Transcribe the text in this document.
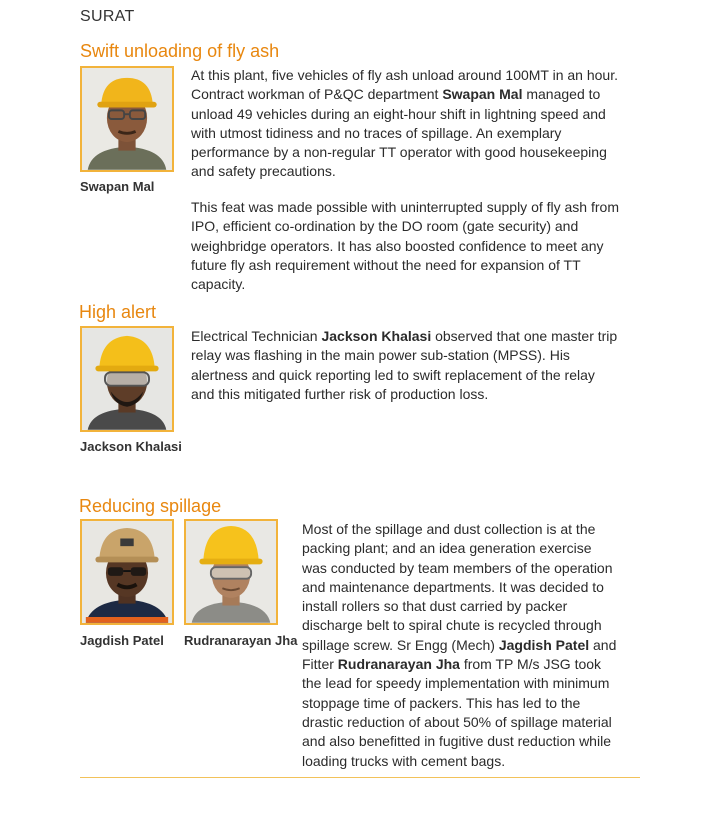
SURAT
Swift unloading of fly ash
Swapan Mal
At this plant, five vehicles of fly ash unload around 100MT in an hour. Contract workman of P&QC department Swapan Mal managed to unload 49 vehicles during an eight-hour shift in lightning speed and with utmost tidiness and no traces of spillage. An exemplary performance by a non-regular TT operator with good housekeeping and safety precautions.
This feat was made possible with uninterrupted supply of fly ash from IPO, efficient co-ordination by the DO room (gate security) and weighbridge operators. It has also boosted confidence to meet any future fly ash requirement without the need for expansion of TT capacity.
High alert
Jackson Khalasi
Electrical Technician Jackson Khalasi observed that one master trip relay was flashing in the main power sub-station (MPSS). His alertness and quick reporting led to swift replacement of the relay and this mitigated further risk of production loss.
Reducing spillage
Jagdish Patel Rudranarayan Jha
Most of the spillage and dust collection is at the packing plant; and an idea generation exercise was conducted by team members of the operation and maintenance departments. It was decided to install rollers so that dust carried by packer discharge belt to spiral chute is recycled through spillage screw. Sr Engg (Mech) Jagdish Patel and Fitter Rudranarayan Jha from TP M/s JSG took the lead for speedy implementation with minimum stoppage time of packers. This has led to the drastic reduction of about 50% of spillage material and also benefitted in fugitive dust reduction while loading trucks with cement bags.
